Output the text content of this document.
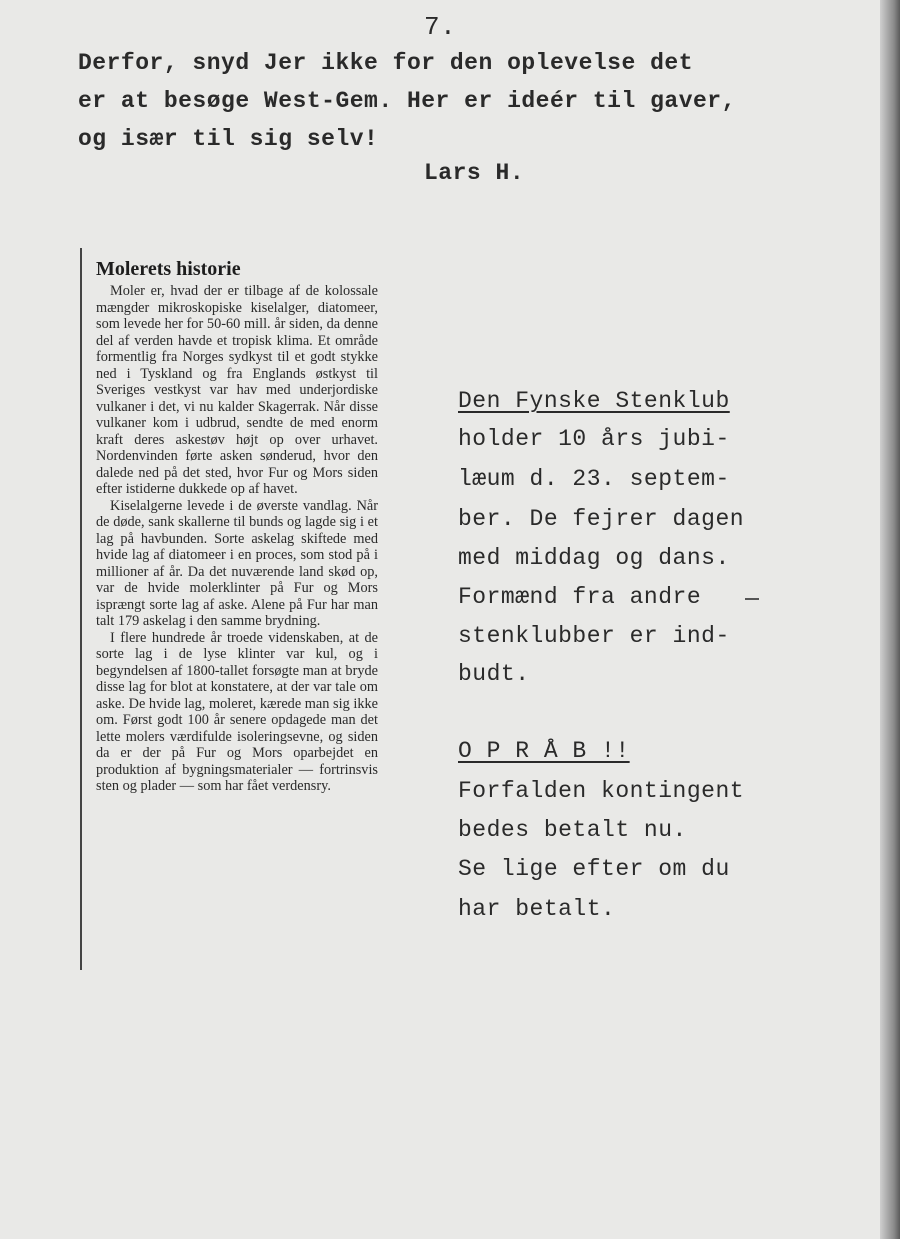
7.
Derfor, snyd Jer ikke for den oplevelse det
er at besøge West-Gem. Her er ideér til gaver,
og især til sig selv!
Lars H.
Molerets historie

Moler er, hvad der er tilbage af de kolossale mængder mikroskopiske kiselalger, diatomeer, som levede her for 50-60 mill. år siden, da denne del af verden havde et tropisk klima. Et område formentlig fra Norges sydkyst til et godt stykke ned i Tyskland og fra Englands østkyst til Sveriges vestkyst var hav med underjordiske vulkaner i det, vi nu kalder Skagerrak. Når disse vulkaner kom i udbrud, sendte de med enorm kraft deres askestøv højt op over urhavet. Nordenvinden førte asken sønderud, hvor den dalede ned på det sted, hvor Fur og Mors siden efter istiderne dukkede op af havet.

Kiselalgerne levede i de øverste vandlag. Når de døde, sank skallerne til bunds og lagde sig i et lag på havbunden. Sorte askelag skiftede med hvide lag af diatomeer i en proces, som stod på i millioner af år. Da det nuværende land skød op, var de hvide molerklinter på Fur og Mors isprængt sorte lag af aske. Alene på Fur har man talt 179 askelag i den samme brydning.

I flere hundrede år troede videnskaben, at de sorte lag i de lyse klinter var kul, og i begyndelsen af 1800-tallet forsøgte man at bryde disse lag for blot at konstatere, at der var tale om aske. De hvide lag, moleret, kærede man sig ikke om. Først godt 100 år senere opdagede man det lette molers værdifulde isoleringsevne, og siden da er der på Fur og Mors oparbejdet en produktion af bygningsmaterialer — fortrinsvis sten og plader — som har fået verdensry.

Den Fynske Stenklub
holder 10 års jubi-
læum d. 23. septem-
ber. De fejrer dagen
med middag og dans.
Formænd fra andre
stenklubber er ind-
budt.
O P R Å B !!
Forfalden kontingent
bedes betalt nu.
Se lige efter om du
har betalt.
